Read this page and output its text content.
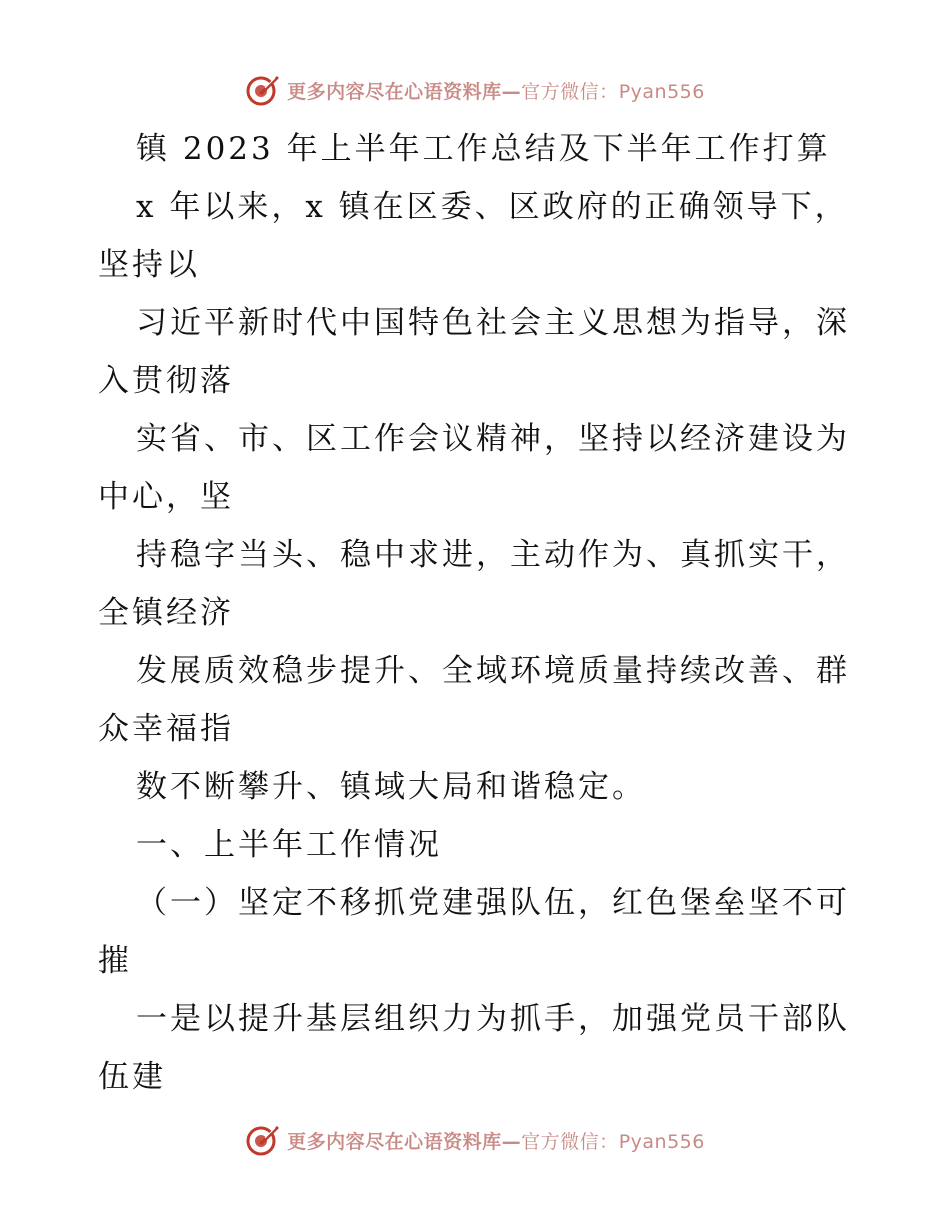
更多内容尽在心语资料库—官方微信：Pyan556
镇 2023 年上半年工作总结及下半年工作打算
x 年以来，x 镇在区委、区政府的正确领导下，
坚持以
习近平新时代中国特色社会主义思想为指导，深
入贯彻落
实省、市、区工作会议精神，坚持以经济建设为
中心，坚
持稳字当头、稳中求进，主动作为、真抓实干，
全镇经济
发展质效稳步提升、全域环境质量持续改善、群
众幸福指
数不断攀升、镇域大局和谐稳定。
一、上半年工作情况
（一）坚定不移抓党建强队伍，红色堡垒坚不可
摧
一是以提升基层组织力为抓手，加强党员干部队
伍建
更多内容尽在心语资料库—官方微信：Pyan556
